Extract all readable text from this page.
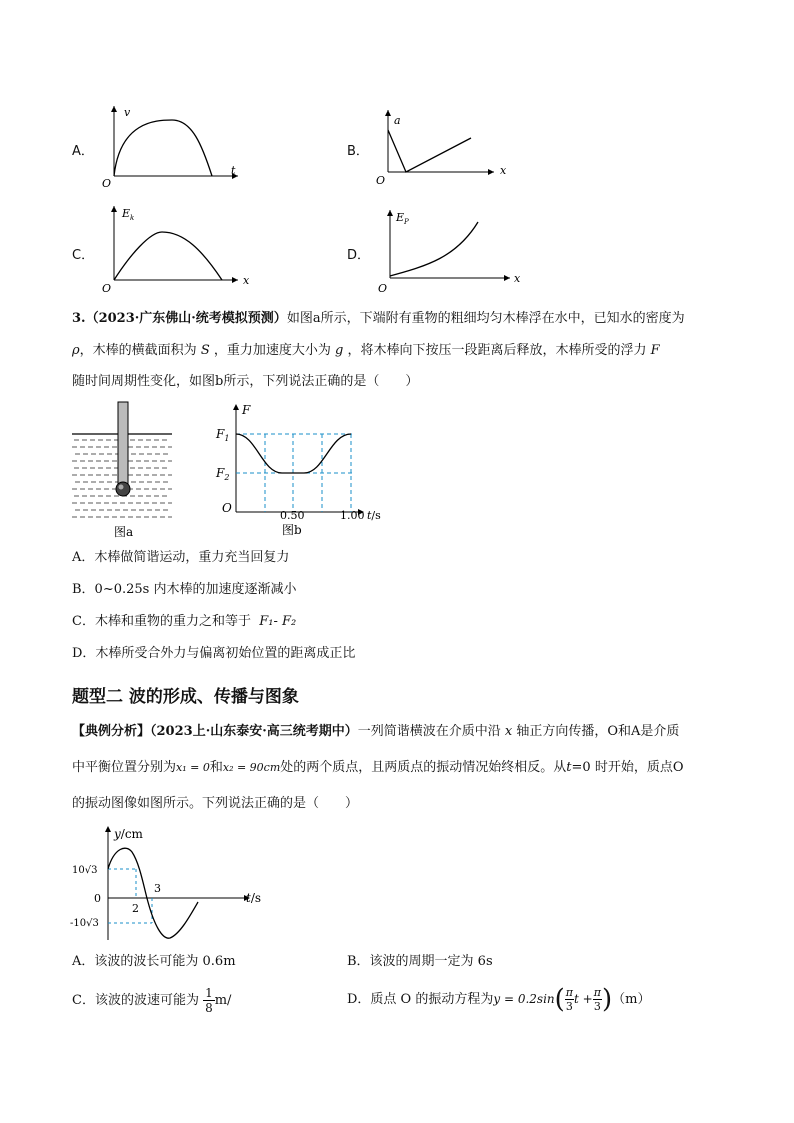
A．
v
t
O
B．
a
x
O
C．
$E_k$
x
O
D．
$E_P$
x
O
3.（2023·广东佛山·统考模拟预测）如图a所示，下端附有重物的粗细均匀木棒浮在水中，已知水的密度为
ρ，木棒的横截面积为 S ，重力加速度大小为 g ，将木棒向下按压一段距离后释放，木棒所受的浮力 F
随时间周期性变化，如图b所示，下列说法正确的是（　　）
图a
F
$F_1$
$F_2$
O
0.50	1.00 t/s
图b
A．木棒做简谐运动，重力充当回复力
B．0~0.25s 内木棒的加速度逐渐减小
C．木棒和重物的重力之和等于 F₁- F₂
D．木棒所受合外力与偏离初始位置的距离成正比
题型二 波的形成、传播与图象
【典例分析】（2023上·山东泰安·高三统考期中）一列简谐横波在介质中沿 x 轴正方向传播，O和A是介质
中平衡位置分别为x₁ = 0和x₂ = 90cm处的两个质点，且两质点的振动情况始终相反。从t=0 时开始，质点O
的振动图像如图所示。下列说法正确的是（　　）
y/cm
10√3
0
-10√3
2
3
t/s
A．该波的波长可能为 0.6m	B．该波的周期一定为 6s
C．该波的波速可能为 $\frac{1}{8} m/$	D．质点 O 的振动方程为$y = 0.2\sin( \frac{\pi}{3}$ $t + \frac{\pi}{3} )(m)$
